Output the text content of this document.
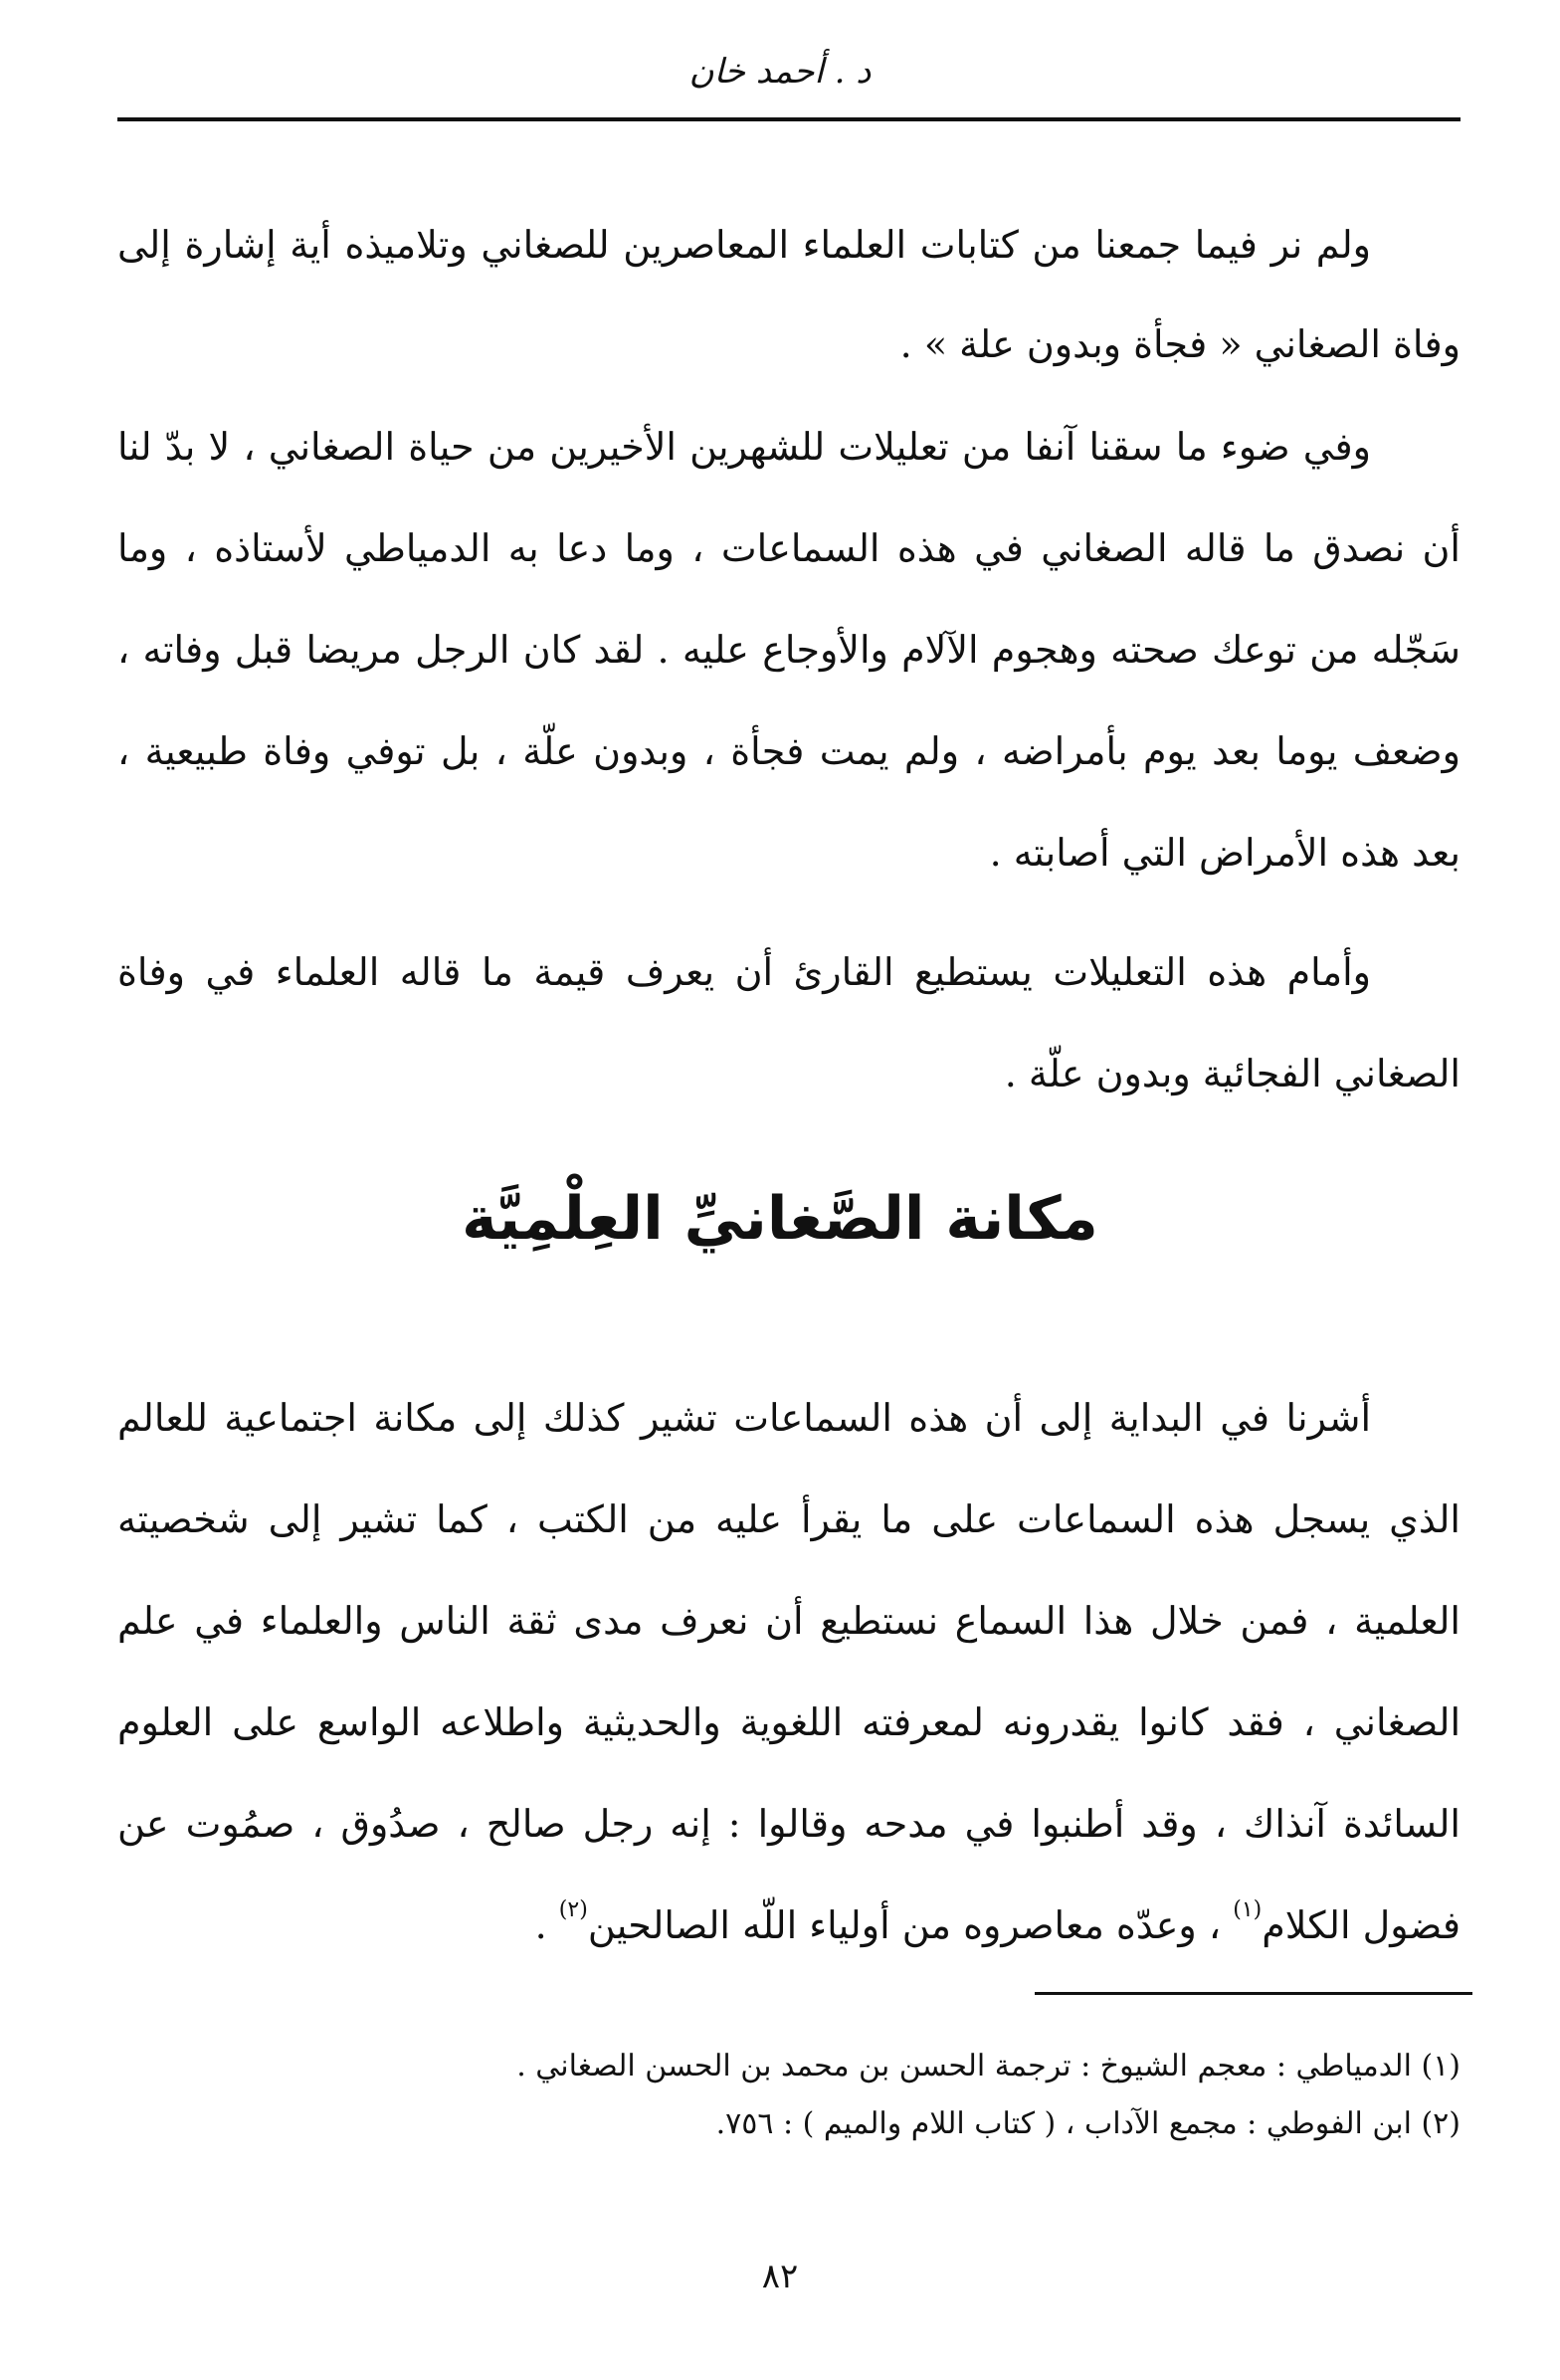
د . أحمد خان

ولم نر فيما جمعنا من كتابات العلماء المعاصرين للصغاني وتلاميذه أية إشارة إلى وفاة الصغاني « فجأة وبدون علة » .

وفي ضوء ما سقنا آنفا من تعليلات للشهرين الأخيرين من حياة الصغاني ، لا بدّ لنا أن نصدق ما قاله الصغاني في هذه السماعات ، وما دعا به الدمياطي لأستاذه ، وما سَجّله من توعك صحته وهجوم الآلام والأوجاع عليه . لقد كان الرجل مريضا قبل وفاته ، وضعف يوما بعد يوم بأمراضه ، ولم يمت فجأة ، وبدون علّة ، بل توفي وفاة طبيعية ، بعد هذه الأمراض التي أصابته .

وأمام هذه التعليلات يستطيع القارئ أن يعرف قيمة ما قاله العلماء في وفاة الصغاني الفجائية وبدون علّة .

مكانة الصَّغانيِّ العِلْمِيَّة

أشرنا في البداية إلى أن هذه السماعات تشير كذلك إلى مكانة اجتماعية للعالم الذي يسجل هذه السماعات على ما يقرأ عليه من الكتب ، كما تشير إلى شخصيته العلمية ، فمن خلال هذا السماع نستطيع أن نعرف مدى ثقة الناس والعلماء في علم الصغاني ، فقد كانوا يقدرونه لمعرفته اللغوية والحديثية واطلاعه الواسع على العلوم السائدة آنذاك ، وقد أطنبوا في مدحه وقالوا : إنه رجل صالح ، صدُوق ، صمُوت عن فضول الكلام$^{(١)}$ ، وعدّه معاصروه من أولياء اللّه الصالحين$^{(٢)}$ .

(١) الدمياطي : معجم الشيوخ : ترجمة الحسن بن محمد بن الحسن الصغاني .

(٢) ابن الفوطي : مجمع الآداب ، ( كتاب اللام والميم ) : ٧٥٦.

٨٢
